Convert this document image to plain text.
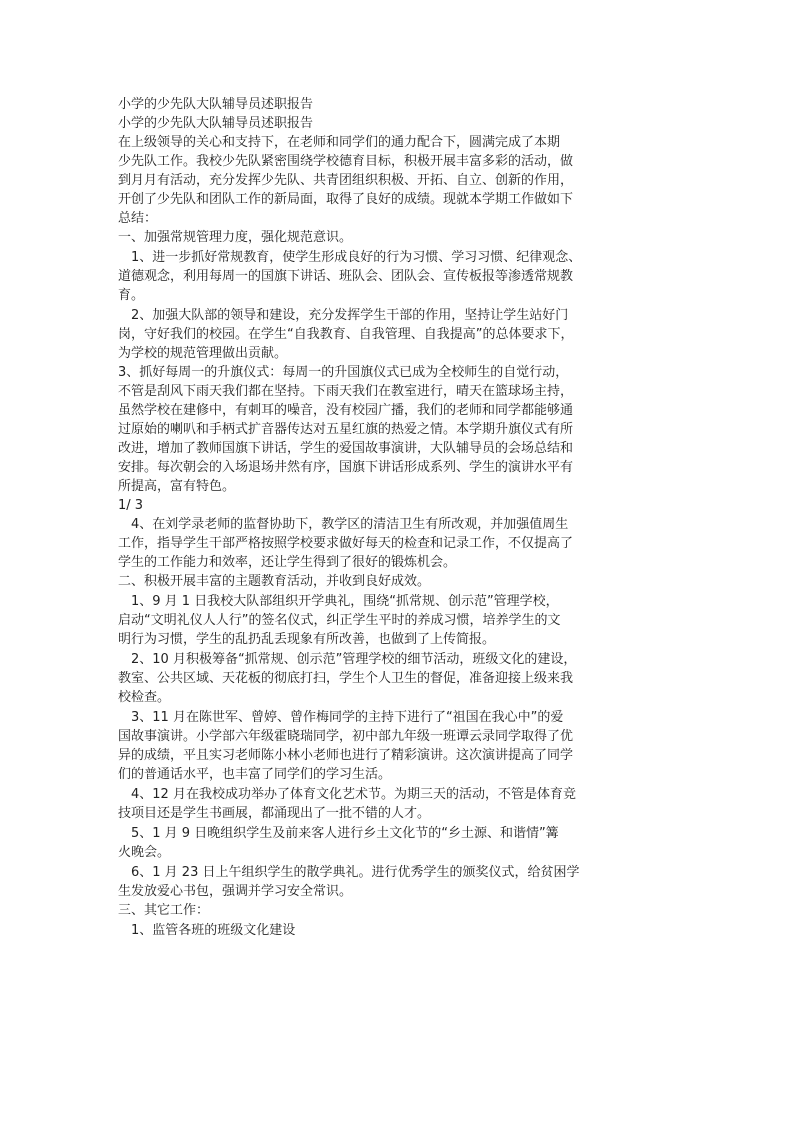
小学的少先队大队辅导员述职报告
小学的少先队大队辅导员述职报告
在上级领导的关心和支持下，在老师和同学们的通力配合下，圆满完成了本期
少先队工作。我校少先队紧密围绕学校德育目标，积极开展丰富多彩的活动，做
到月月有活动，充分发挥少先队、共青团组织积极、开拓、自立、创新的作用，
开创了少先队和团队工作的新局面，取得了良好的成绩。现就本学期工作做如下
总结：
一、加强常规管理力度，强化规范意识。
　1、进一步抓好常规教育，使学生形成良好的行为习惯、学习习惯、纪律观念、
道德观念，利用每周一的国旗下讲话、班队会、团队会、宣传板报等渗透常规教
育。
　2、加强大队部的领导和建设，充分发挥学生干部的作用，坚持让学生站好门
岗，守好我们的校园。在学生“自我教育、自我管理、自我提高”的总体要求下，
为学校的规范管理做出贡献。
3、抓好每周一的升旗仪式：每周一的升国旗仪式已成为全校师生的自觉行动，
不管是刮风下雨天我们都在坚持。下雨天我们在教室进行，晴天在篮球场主持，
虽然学校在建修中，有刺耳的噪音，没有校园广播，我们的老师和同学都能够通
过原始的喇叭和手柄式扩音器传达对五星红旗的热爱之情。本学期升旗仪式有所
改进，增加了教师国旗下讲话，学生的爱国故事演讲，大队辅导员的会场总结和
安排。每次朝会的入场退场井然有序，国旗下讲话形成系列、学生的演讲水平有
所提高，富有特色。
1/ 3
　4、在刘学录老师的监督协助下，教学区的清洁卫生有所改观，并加强值周生
工作，指导学生干部严格按照学校要求做好每天的检查和记录工作，不仅提高了
学生的工作能力和效率，还让学生得到了很好的锻炼机会。
二、积极开展丰富的主题教育活动，并收到良好成效。
　1、9 月 1 日我校大队部组织开学典礼，围绕“抓常规、创示范”管理学校，
启动“文明礼仪人人行”的签名仪式，纠正学生平时的养成习惯，培养学生的文
明行为习惯，学生的乱扔乱丢现象有所改善，也做到了上传简报。
　2、10 月积极筹备“抓常规、创示范”管理学校的细节活动，班级文化的建设，
教室、公共区域、天花板的彻底打扫，学生个人卫生的督促，准备迎接上级来我
校检查。
　3、11 月在陈世军、曾婷、曾作梅同学的主持下进行了“祖国在我心中”的爱
国故事演讲。小学部六年级霍晓瑞同学，初中部九年级一班谭云录同学取得了优
异的成绩，平且实习老师陈小林小老师也进行了精彩演讲。这次演讲提高了同学
们的普通话水平，也丰富了同学们的学习生活。
　4、12 月在我校成功举办了体育文化艺术节。为期三天的活动，不管是体育竞
技项目还是学生书画展，都涌现出了一批不错的人才。
　5、1 月 9 日晚组织学生及前来客人进行乡土文化节的“乡土源、和谐情”篝
火晚会。
　6、1 月 23 日上午组织学生的散学典礼。进行优秀学生的颁奖仪式，给贫困学
生发放爱心书包，强调并学习安全常识。
三、其它工作：
　1、监管各班的班级文化建设
